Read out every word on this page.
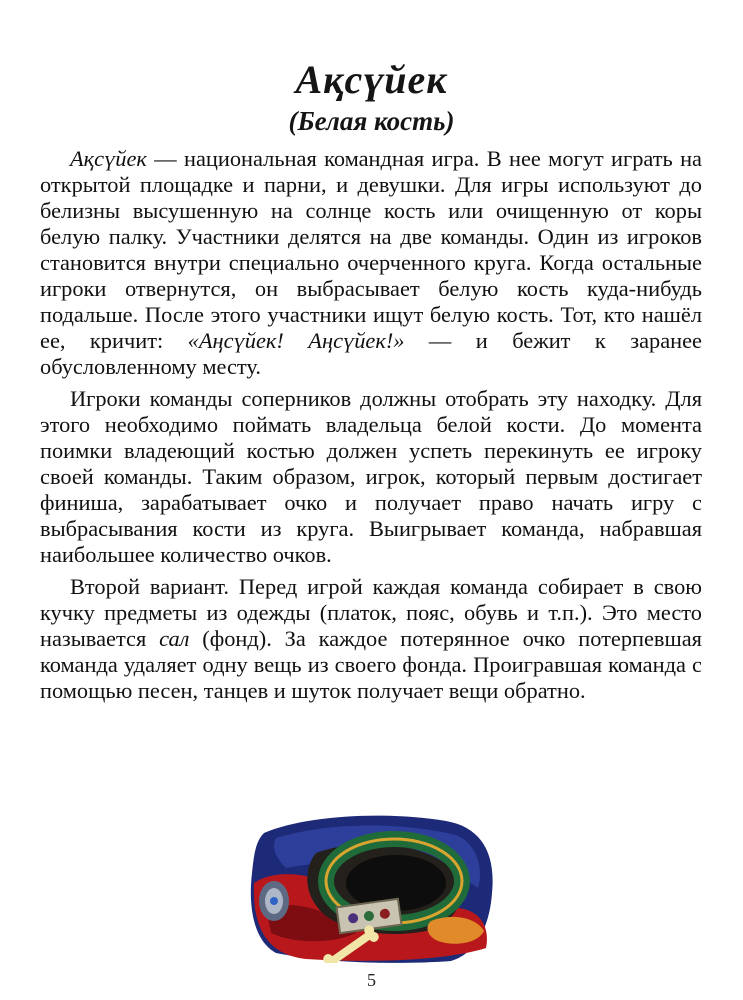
Ақсүйек
(Белая кость)

Ақсүйек — национальная командная игра. В нее могут играть на открытой площадке и парни, и девушки. Для игры используют до белизны высушенную на солнце кость или очищенную от коры белую палку. Участники делятся на две команды. Один из игроков становится внутри специально очерченного круга. Когда остальные игроки отвернутся, он выбрасывает белую кость куда-нибудь подальше. После этого участники ищут белую кость. Тот, кто нашёл ее, кричит: «Аңсүйек! Аңсүйек!» — и бежит к заранее обусловленному месту.

Игроки команды соперников должны отобрать эту находку. Для этого необходимо поймать владельца белой кости. До момента поимки владеющий костью должен успеть перекинуть ее игроку своей команды. Таким образом, игрок, который первым достигает финиша, зарабатывает очко и получает право начать игру с выбрасывания кости из круга. Выигрывает команда, набравшая наибольшее количество очков.

Второй вариант. Перед игрой каждая команда собирает в свою кучку предметы из одежды (платок, пояс, обувь и т.п.). Это место называется сал (фонд). За каждое потерянное очко потерпевшая команда удаляет одну вещь из своего фонда. Проигравшая команда с помощью песен, танцев и шуток получает вещи обратно.

5
